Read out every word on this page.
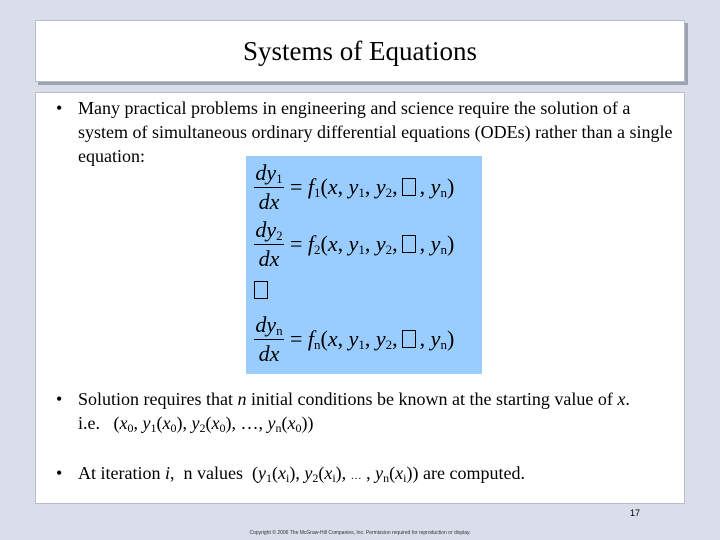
Systems of Equations
• Many practical problems in engineering and science require the solution of a system of simultaneous ordinary differential equations (ODEs) rather than a single equation:
$dy_1$
dx
= $f_1(x$, $y_1$, $y_2$, , $y_n$)
$dy_2$
dx
= $f_2(x$, $y_1$, $y_2$, , $y_n$)
$dy_n$
dx
= $f_n(x$, $y_1$, $y_2$, , $y_n$)
• Solution requires that n initial conditions be known at the starting value of x.
i.e.   ($x_0$, $y_1(x_0)$, $y_2(x_0)$, …, $y_n(x_0)$)
• At iteration i,  n values  ($y_1(x_i)$, $y_2(x_i)$, … , $y_n(x_i)$) are computed.
17
Copyright © 2006 The McGraw-Hill Companies, Inc. Permission required for reproduction or display.
